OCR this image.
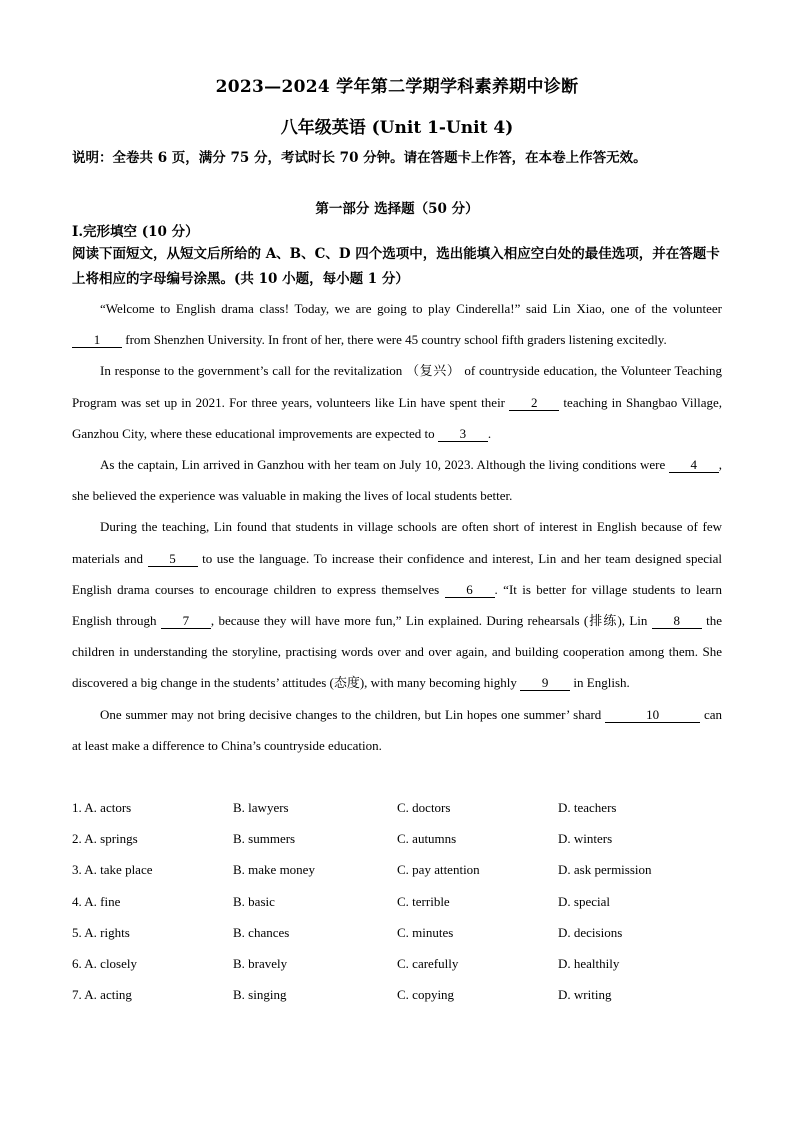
2023—2024 学年第二学期学科素养期中诊断
八年级英语 (Unit 1-Unit 4)
说明：全卷共 6 页，满分 75 分，考试时长 70 分钟。请在答题卡上作答，在本卷上作答无效。
第一部分 选择题（50 分）
Ⅰ.完形填空 (10 分）
阅读下面短文，从短文后所给的 A、B、C、D 四个选项中，选出能填入相应空白处的最佳选项，并在答题卡上将相应的字母编号涂黑。(共 10 小题，每小题 1 分）

“Welcome to English drama class! Today, we are going to play Cinderella!” said Lin Xiao, one of the volunteer 1 from Shenzhen University. In front of her, there were 45 country school fifth graders listening excitedly.

In response to the government’s call for the revitalization （复兴） of countryside education, the Volunteer Teaching Program was set up in 2021. For three years, volunteers like Lin have spent their 2 teaching in Shangbao Village, Ganzhou City, where these educational improvements are expected to 3 .

As the captain, Lin arrived in Ganzhou with her team on July 10, 2023. Although the living conditions were 4 , she believed the experience was valuable in making the lives of local students better.

During the teaching, Lin found that students in village schools are often short of interest in English because of few materials and 5 to use the language. To increase their confidence and interest, Lin and her team designed special English drama courses to encourage children to express themselves 6 . “It is better for village students to learn English through 7 , because they will have more fun,” Lin explained. During rehearsals (排练), Lin 8 the children in understanding the storyline, practising words over and over again, and building cooperation among them. She discovered a big change in the students’ attitudes (态度), with many becoming highly 9 in English.

One summer may not bring decisive changes to the children, but Lin hopes one summer’ shard	10	can at least make a difference to China’s countryside education.

1. A. actors	B. lawyers	C. doctors	D. teachers
2. A. springs	B. summers	C. autumns	D. winters
3. A. take place	B. make money	C. pay attention	D. ask permission
4. A. fine	B. basic	C. terrible	D. special
5. A. rights	B. chances	C. minutes	D. decisions
6. A. closely	B. bravely	C. carefully	D. healthily
7. A. acting	B. singing	C. copying	D. writing
